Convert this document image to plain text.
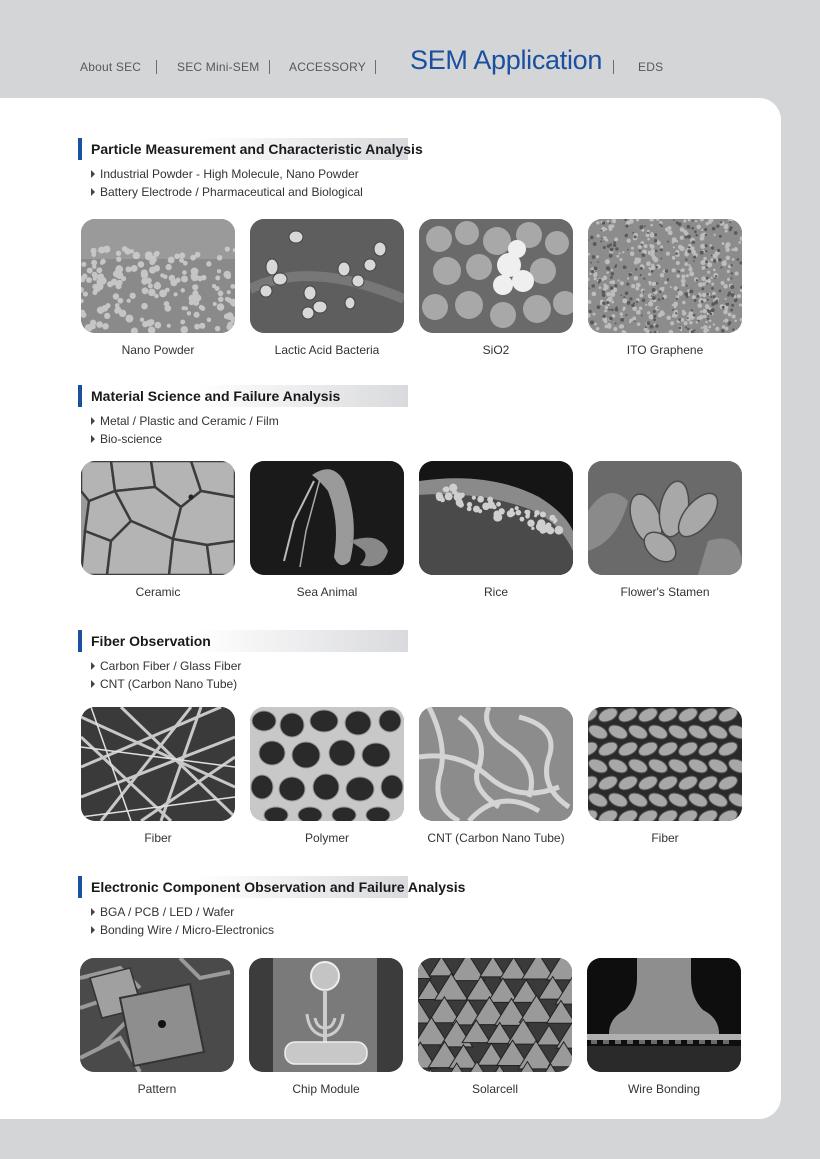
About SEC	SEC Mini-SEM ACCESSORY SEM Application	EDS
Particle Measurement and Characteristic Analysis
Industrial Powder - High Molecule, Nano Powder
Battery Electrode / Pharmaceutical and Biological
Nano Powder	Lactic Acid Bacteria	SiO2	ITO Graphene
Material Science and Failure Analysis
Metal / Plastic and Ceramic / Film
Bio-science
Ceramic	Sea Animal	Rice	Flower's Stamen
Fiber Observation
Carbon Fiber / Glass Fiber
CNT (Carbon Nano Tube)
Fiber	Polymer	CNT (Carbon Nano Tube)	Fiber
Electronic Component Observation and Failure Analysis
BGA / PCB / LED / Wafer
Bonding Wire / Micro-Electronics
Pattern	Chip Module	Solarcell	Wire Bonding
